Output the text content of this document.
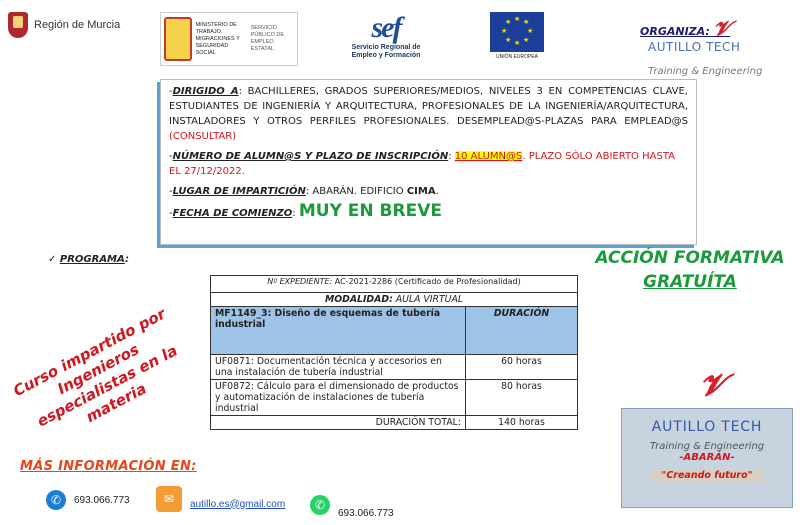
Región de Murcia	MINISTERIO DE TRABAJO, MIGRACIONES Y SEGURIDAD SOCIAL
SERVICIO PÚBLICO DE EMPLEO ESTATAL
sef
Servicio Regional de
Empleo y Formación
★ ★
★
★
★
★
★
★
UNIÓN EUROPEA
ORGANIZA: 𝓥
AUTILLO TECH
Training & Engineering

-DIRIGIDO A: BACHILLERES, GRADOS SUPERIORES/MEDIOS, NIVELES 3 EN COMPETENCIAS CLAVE, ESTUDIANTES DE INGENIERÍA Y ARQUITECTURA, PROFESIONALES DE LA INGENIERÍA/ARQUITECTURA, INSTALADORES Y OTROS PERFILES PROFESIONALES. DESEMPLEAD@S-PLAZAS PARA EMPLEAD@S (CONSULTAR)

-NÚMERO DE ALUMN@S Y PLAZO DE INSCRIPCIÓN: 10 ALUMN@S. PLAZO SÓLO ABIERTO HASTA EL 27/12/2022.

-LUGAR DE IMPARTICIÓN: ABARÁN. EDIFICIO CIMA.

-FECHA DE COMIENZO: MUY EN BREVE

✓ PROGRAMA:	ACCIÓN FORMATIVA
GRATUÍTA
Nº EXPEDIENTE: AC-2021-2286 (Certificado de Profesionalidad)	
MODALIDAD: AULA VIRTUAL	
MF1149_3: Diseño de esquemas de tubería industrial	DURACIÓN
UF0871: Documentación técnica y accesorios en una instalación de tubería industrial	60 horas
UF0872: Cálculo para el dimensionado de productos y automatización de instalaciones de tubería industrial	80 horas
DURACIÓN TOTAL:	140 horas
Curso impartido por Ingenieros especialistas en la materia	𝓥
AUTILLO TECH
Training & Engineering
-ABARÁN-
"Creando futuro"
MÁS INFORMACIÓN EN:
✆	693.066.773	✉	autillo.es@gmail.com	✆
693.066.773
